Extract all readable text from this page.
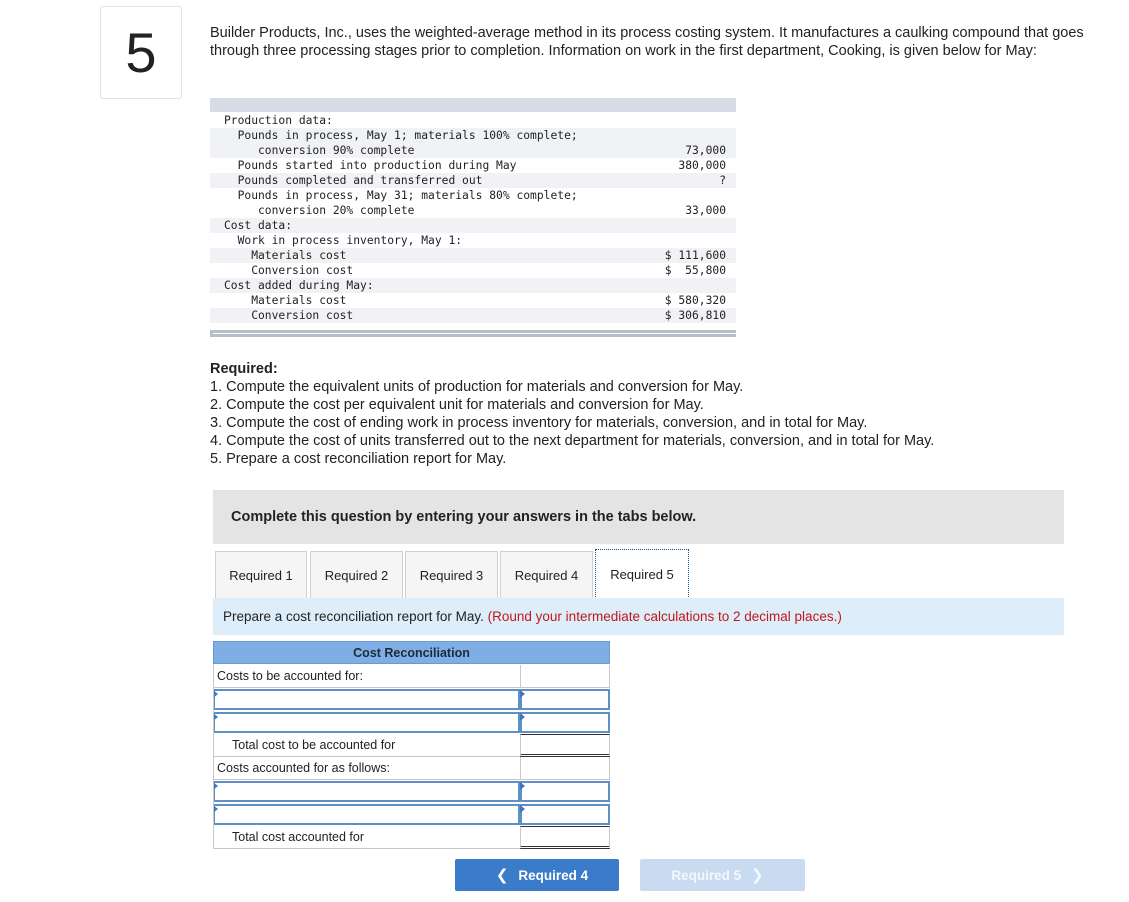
5	Builder Products, Inc., uses the weighted-average method in its process costing system. It manufactures a caulking compound that goes through three processing stages prior to completion. Information on work in the first department, Cooking, is given below for May:
Production data:
Pounds in process, May 1; materials 100% complete;
conversion 90% complete	73,000
Pounds started into production during May	380,000
Pounds completed and transferred out	?
Pounds in process, May 31; materials 80% complete;
conversion 20% complete	33,000
Cost data:
Work in process inventory, May 1:
Materials cost	$ 111,600
Conversion cost	$  55,800
Cost added during May:
Materials cost	$ 580,320
Conversion cost	$ 306,810
Required:
1. Compute the equivalent units of production for materials and conversion for May.
2. Compute the cost per equivalent unit for materials and conversion for May.
3. Compute the cost of ending work in process inventory for materials, conversion, and in total for May.
4. Compute the cost of units transferred out to the next department for materials, conversion, and in total for May.
5. Prepare a cost reconciliation report for May.
Complete this question by entering your answers in the tabs below.
Required 1	Required 2	Required 3	Required 4	Required 5
Prepare a cost reconciliation report for May. (Round your intermediate calculations to 2 decimal places.)
Cost Reconciliation
Costs to be accounted for:
Total cost to be accounted for
Costs accounted for as follows:
Total cost accounted for
❮ Required 4	Required 5 ❯
